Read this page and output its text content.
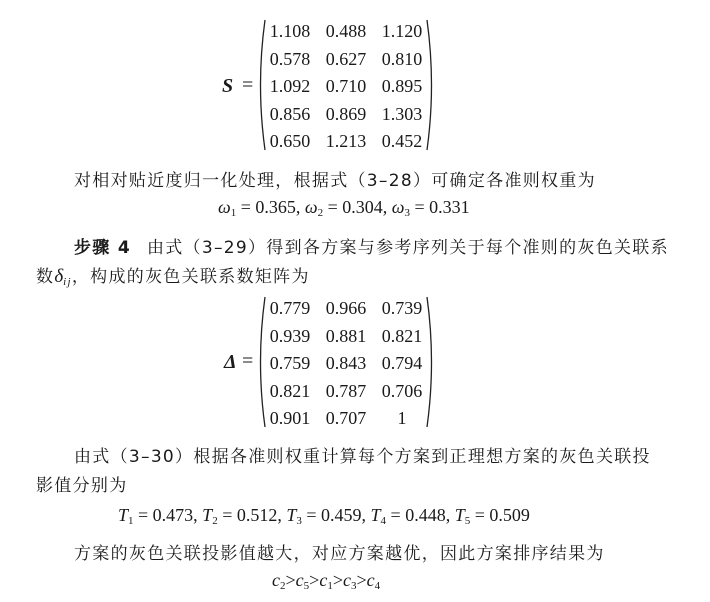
S =
1.108 0.488 1.120
0.578 0.627 0.810
1.092 0.710 0.895
0.856 0.869 1.303
0.650 1.213 0.452
对相对贴近度归一化处理，根据式（3–28）可确定各准则权重为
$\omega_1 = 0.365$, $\omega_2 = 0.304$, $\omega_3 = 0.331$
步骤 4 由式（3–29）得到各方案与参考序列关于每个准则的灰色关联系
数$\delta_{ij}$，构成的灰色关联系数矩阵为
Δ =
0.779 0.966 0.739
0.939 0.881 0.821
0.759 0.843 0.794
0.821 0.787 0.706
0.901 0.707	1
由式（3–30）根据各准则权重计算每个方案到正理想方案的灰色关联投
影值分别为
$T_1 = 0.473$, $T_2 = 0.512$, $T_3 = 0.459$, $T_4 = 0.448$, $T_5 = 0.509$
方案的灰色关联投影值越大，对应方案越优，因此方案排序结果为
$c_2>c_5>c_1>c_3>c_4$
